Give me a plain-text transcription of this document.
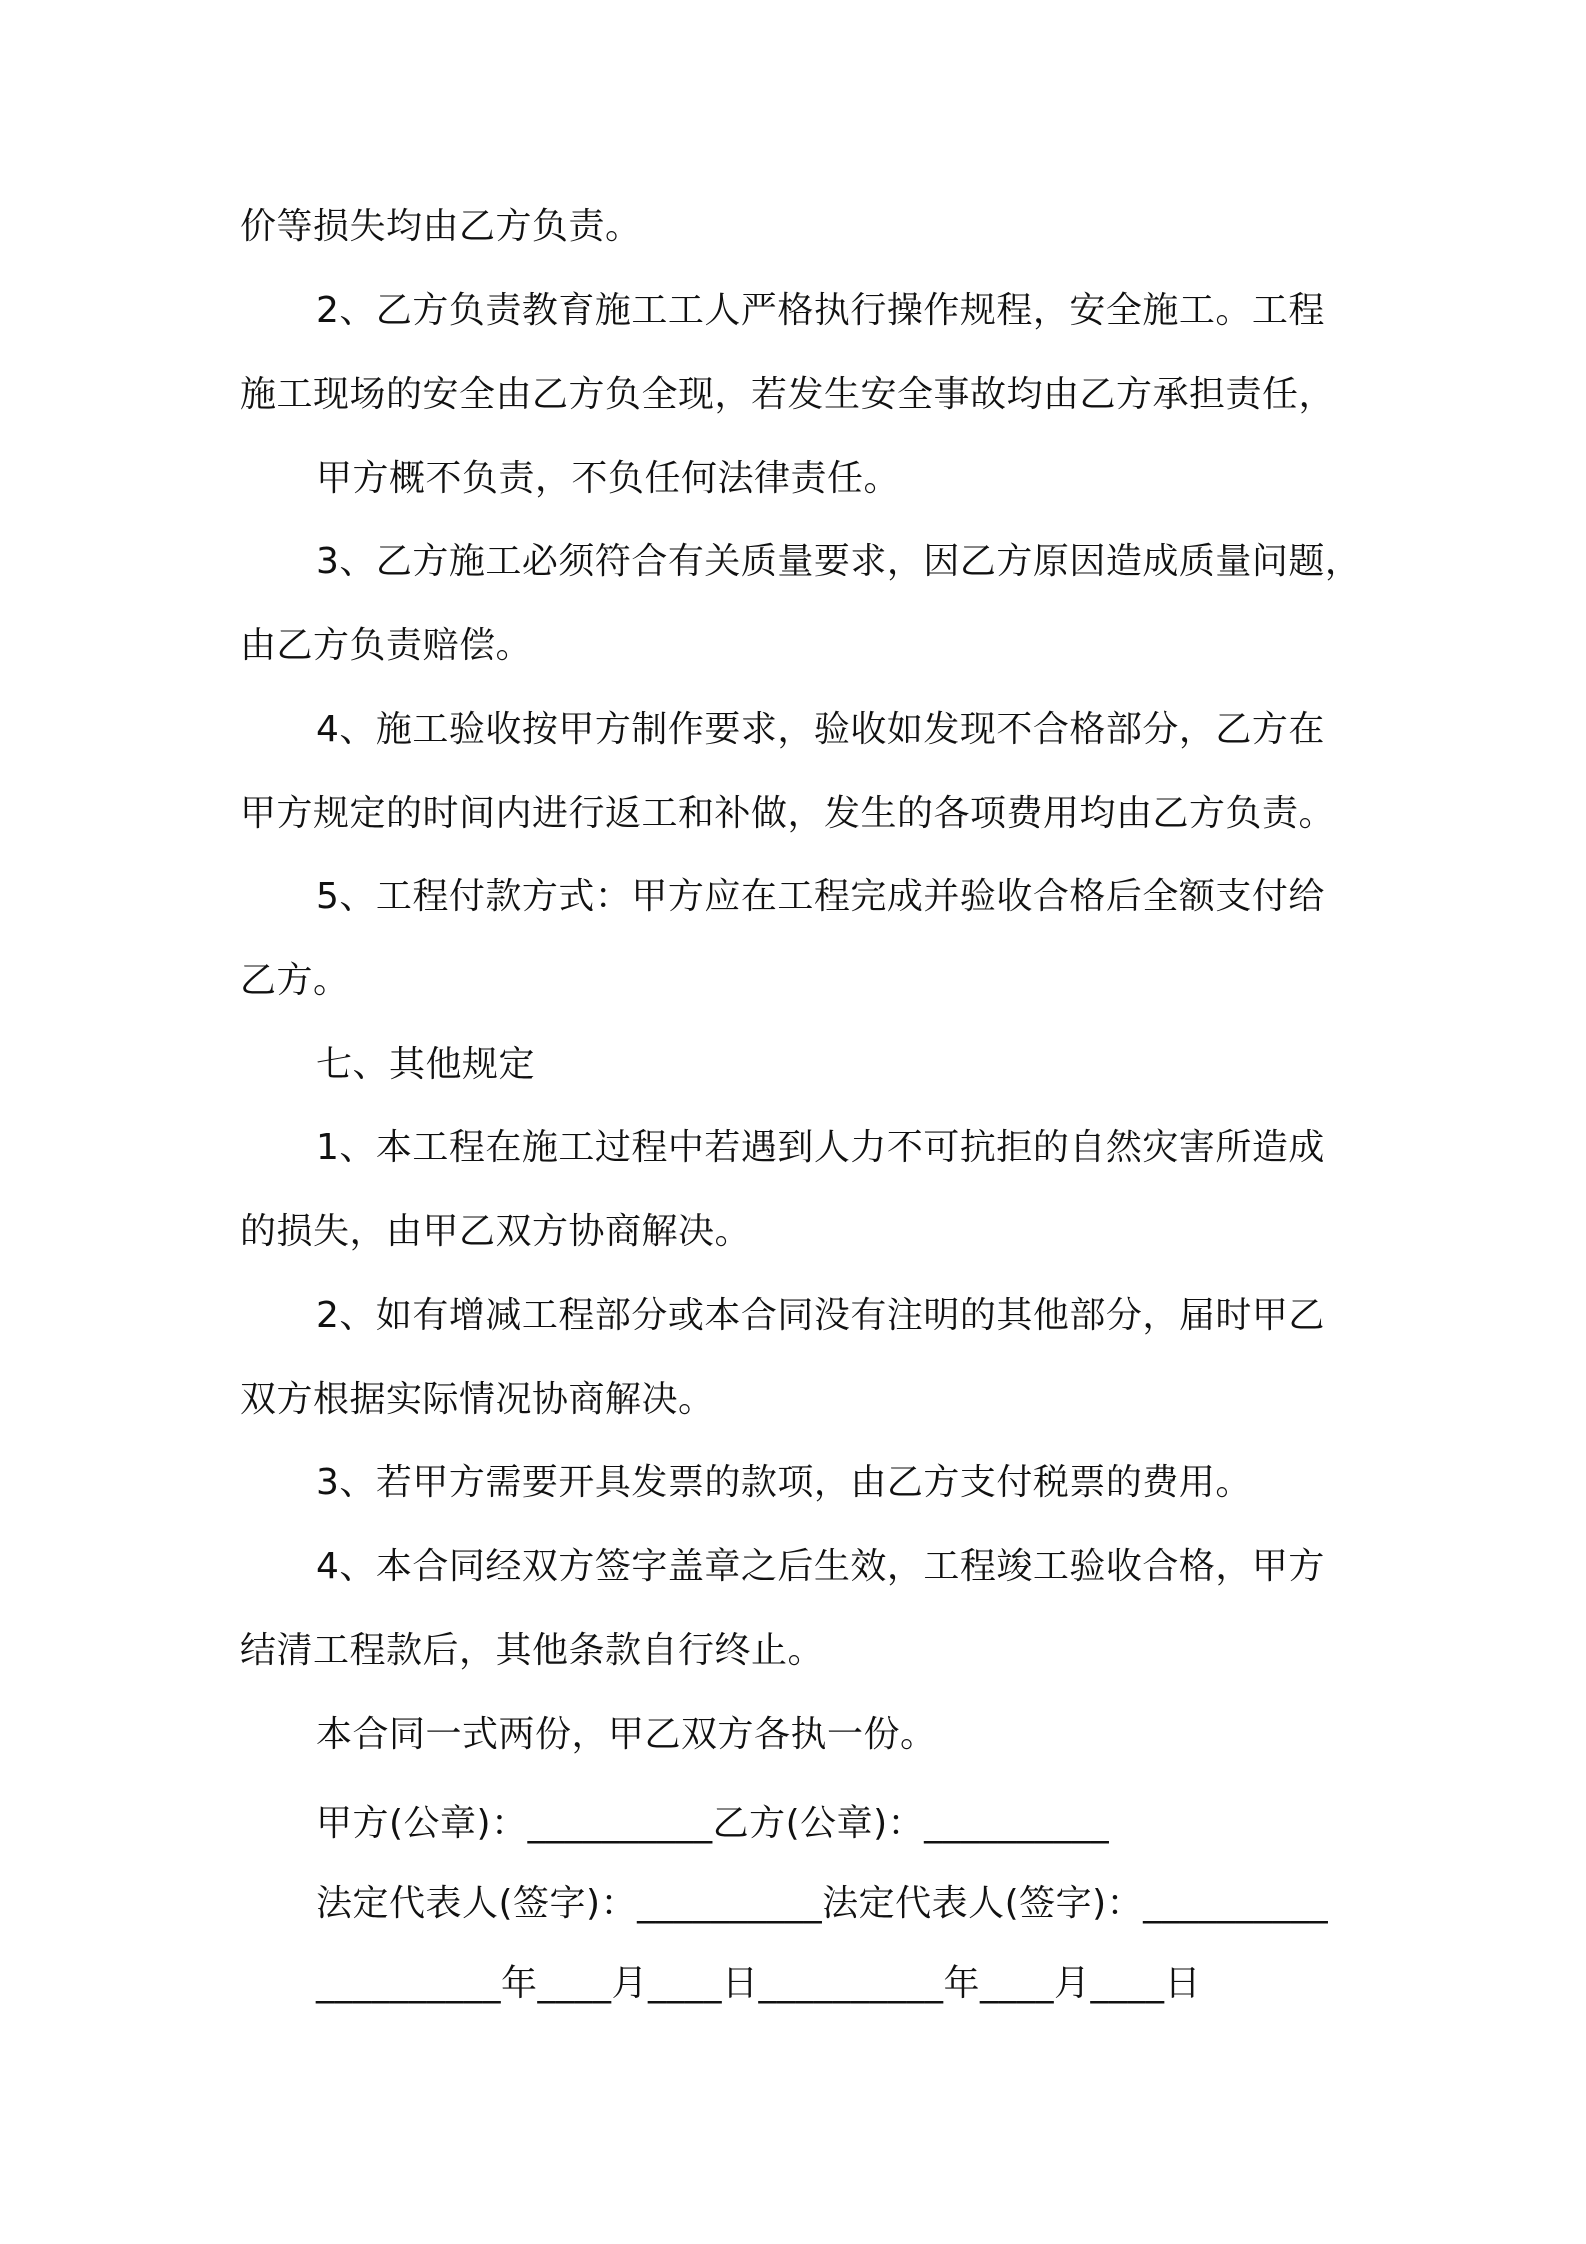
价等损失均由乙方负责。
2、乙方负责教育施工工人严格执行操作规程，安全施工。工程
施工现场的安全由乙方负全现，若发生安全事故均由乙方承担责任，
甲方概不负责，不负任何法律责任。
3、乙方施工必须符合有关质量要求，因乙方原因造成质量问题，
由乙方负责赔偿。
4、施工验收按甲方制作要求，验收如发现不合格部分，乙方在
甲方规定的时间内进行返工和补做，发生的各项费用均由乙方负责。
5、工程付款方式：甲方应在工程完成并验收合格后全额支付给
乙方。
七、其他规定
1、本工程在施工过程中若遇到人力不可抗拒的自然灾害所造成
的损失，由甲乙双方协商解决。
2、如有增减工程部分或本合同没有注明的其他部分，届时甲乙
双方根据实际情况协商解决。
3、若甲方需要开具发票的款项，由乙方支付税票的费用。
4、本合同经双方签字盖章之后生效，工程竣工验收合格，甲方
结清工程款后，其他条款自行终止。
本合同一式两份，甲乙双方各执一份。
甲方(公章)：__________乙方(公章)：__________
法定代表人(签字)：__________法定代表人(签字)：__________
__________年____月____日__________年____月____日
